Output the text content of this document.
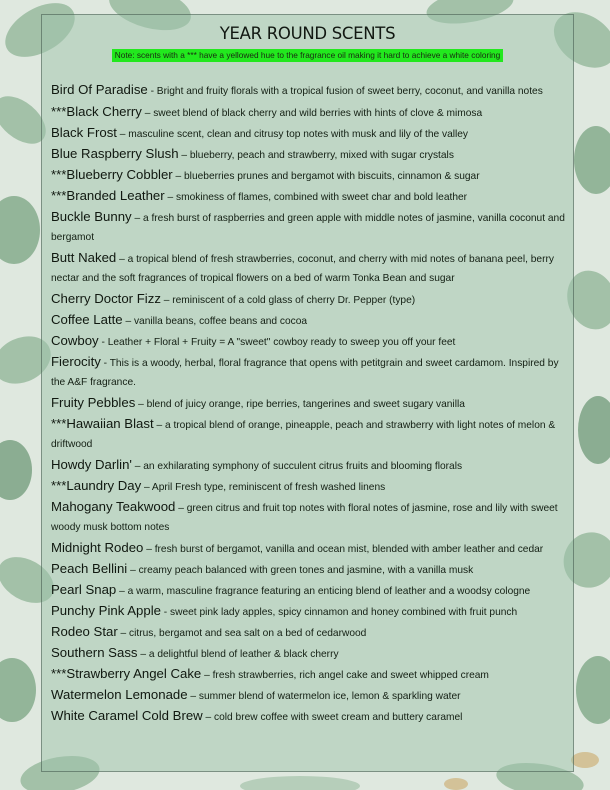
YEAR ROUND SCENTS
Note: scents with a *** have a yellowed hue to the fragrance oil making it hard to achieve a white coloring
Bird Of Paradise - Bright and fruity florals with a tropical fusion of sweet berry, coconut, and vanilla notes
***Black Cherry – sweet blend of black cherry and wild berries with hints of clove & mimosa
Black Frost – masculine scent, clean and citrusy top notes with musk and lily of the valley
Blue Raspberry Slush – blueberry, peach and strawberry, mixed with sugar crystals
***Blueberry Cobbler – blueberries prunes and bergamot with biscuits, cinnamon & sugar
***Branded Leather – smokiness of flames, combined with sweet char and bold leather
Buckle Bunny – a fresh burst of raspberries and green apple with middle notes of jasmine, vanilla coconut and bergamot
Butt Naked – a tropical blend of fresh strawberries, coconut, and cherry with mid notes of banana peel, berry nectar and the soft fragrances of tropical flowers on a bed of warm Tonka Bean and sugar
Cherry Doctor Fizz – reminiscent of a cold glass of cherry Dr. Pepper (type)
Coffee Latte – vanilla beans, coffee beans and cocoa
Cowboy - Leather + Floral + Fruity = A "sweet" cowboy ready to sweep you off your feet
Fierocity - This is a woody, herbal, floral fragrance that opens with petitgrain and sweet cardamom. Inspired by the A&F fragrance.
Fruity Pebbles – blend of juicy orange, ripe berries, tangerines and sweet sugary vanilla
***Hawaiian Blast – a tropical blend of orange, pineapple, peach and strawberry with light notes of melon & driftwood
Howdy Darlin' – an exhilarating symphony of succulent citrus fruits and blooming florals
***Laundry Day – April Fresh type, reminiscent of fresh washed linens
Mahogany Teakwood – green citrus and fruit top notes with floral notes of jasmine, rose and lily with sweet woody musk bottom notes
Midnight Rodeo – fresh burst of bergamot, vanilla and ocean mist, blended with amber leather and cedar
Peach Bellini – creamy peach balanced with green tones and jasmine, with a vanilla musk
Pearl Snap – a warm, masculine fragrance featuring an enticing blend of leather and a woodsy cologne
Punchy Pink Apple - sweet pink lady apples, spicy cinnamon and honey combined with fruit punch
Rodeo Star – citrus, bergamot and sea salt on a bed of cedarwood
Southern Sass – a delightful blend of leather & black cherry
***Strawberry Angel Cake – fresh strawberries, rich angel cake and sweet whipped cream
Watermelon Lemonade – summer blend of watermelon ice, lemon & sparkling water
White Caramel Cold Brew – cold brew coffee with sweet cream and buttery caramel
